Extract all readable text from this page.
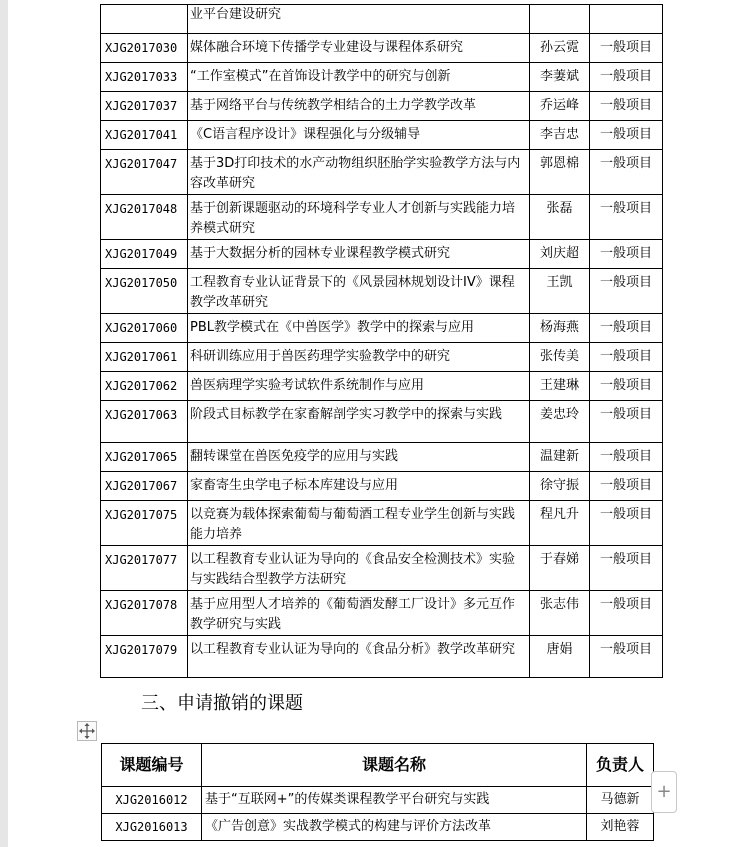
	业平台建设研究		
XJG2017030	媒体融合环境下传播学专业建设与课程体系研究	孙云霓	一般项目
XJG2017033	“工作室模式”在首饰设计教学中的研究与创新	李萋斌	一般项目
XJG2017037	基于网络平台与传统教学相结合的土力学教学改革	乔运峰	一般项目
XJG2017041	《C语言程序设计》课程强化与分级辅导	李吉忠	一般项目
XJG2017047	基于3D打印技术的水产动物组织胚胎学实验教学方法与内容改革研究	郭恩棉	一般项目
XJG2017048	基于创新课题驱动的环境科学专业人才创新与实践能力培养模式研究	张磊	一般项目
XJG2017049	基于大数据分析的园林专业课程教学模式研究	刘庆超	一般项目
XJG2017050	工程教育专业认证背景下的《风景园林规划设计IV》课程教学改革研究	王凯	一般项目
XJG2017060	PBL教学模式在《中兽医学》教学中的探索与应用	杨海燕	一般项目
XJG2017061	科研训练应用于兽医药理学实验教学中的研究	张传美	一般项目
XJG2017062	兽医病理学实验考试软件系统制作与应用	王建琳	一般项目
XJG2017063	阶段式目标教学在家畜解剖学实习教学中的探索与实践	姜忠玲	一般项目
XJG2017065	翻转课堂在兽医免疫学的应用与实践	温建新	一般项目
XJG2017067	家畜寄生虫学电子标本库建设与应用	徐守振	一般项目
XJG2017075	以竞赛为载体探索葡萄与葡萄酒工程专业学生创新与实践能力培养	程凡升	一般项目
XJG2017077	以工程教育专业认证为导向的《食品安全检测技术》实验与实践结合型教学方法研究	于春娣	一般项目
XJG2017078	基于应用型人才培养的《葡萄酒发酵工厂设计》多元互作教学研究与实践	张志伟	一般项目
XJG2017079	以工程教育专业认证为导向的《食品分析》教学改革研究	唐娟	一般项目
三、申请撤销的课题
课题编号	课题名称	负责人
XJG2016012	基于“互联网+”的传媒类课程教学平台研究与实践	马德新
XJG2016013	《广告创意》实战教学模式的构建与评价方法改革	刘艳蓉
+
